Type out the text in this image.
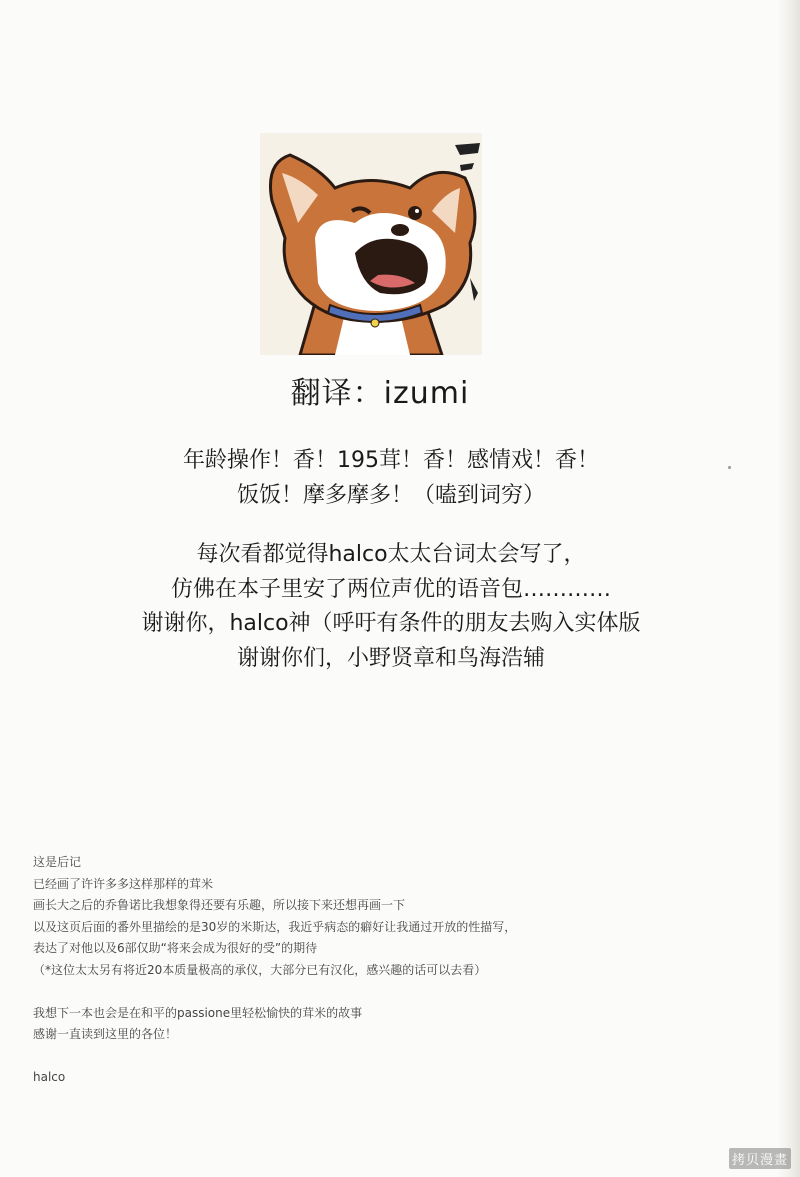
翻译：izumi
年龄操作！香！195茸！香！感情戏！香！
饭饭！摩多摩多！（嗑到词穷）
每次看都觉得halco太太台词太会写了，
仿佛在本子里安了两位声优的语音包…………
谢谢你，halco神（呼吁有条件的朋友去购入实体版
谢谢你们，小野贤章和鸟海浩辅
这是后记
已经画了许许多多这样那样的茸米
画长大之后的乔鲁诺比我想象得还要有乐趣，所以接下来还想再画一下
以及这页后面的番外里描绘的是30岁的米斯达，我近乎病态的癖好让我通过开放的性描写，
表达了对他以及6部仅助“将来会成为很好的受”的期待
（*这位太太另有将近20本质量极高的承仪，大部分已有汉化，感兴趣的话可以去看）
我想下一本也会是在和平的passione里轻松愉快的茸米的故事
感谢一直读到这里的各位！
halco
拷贝漫畫
